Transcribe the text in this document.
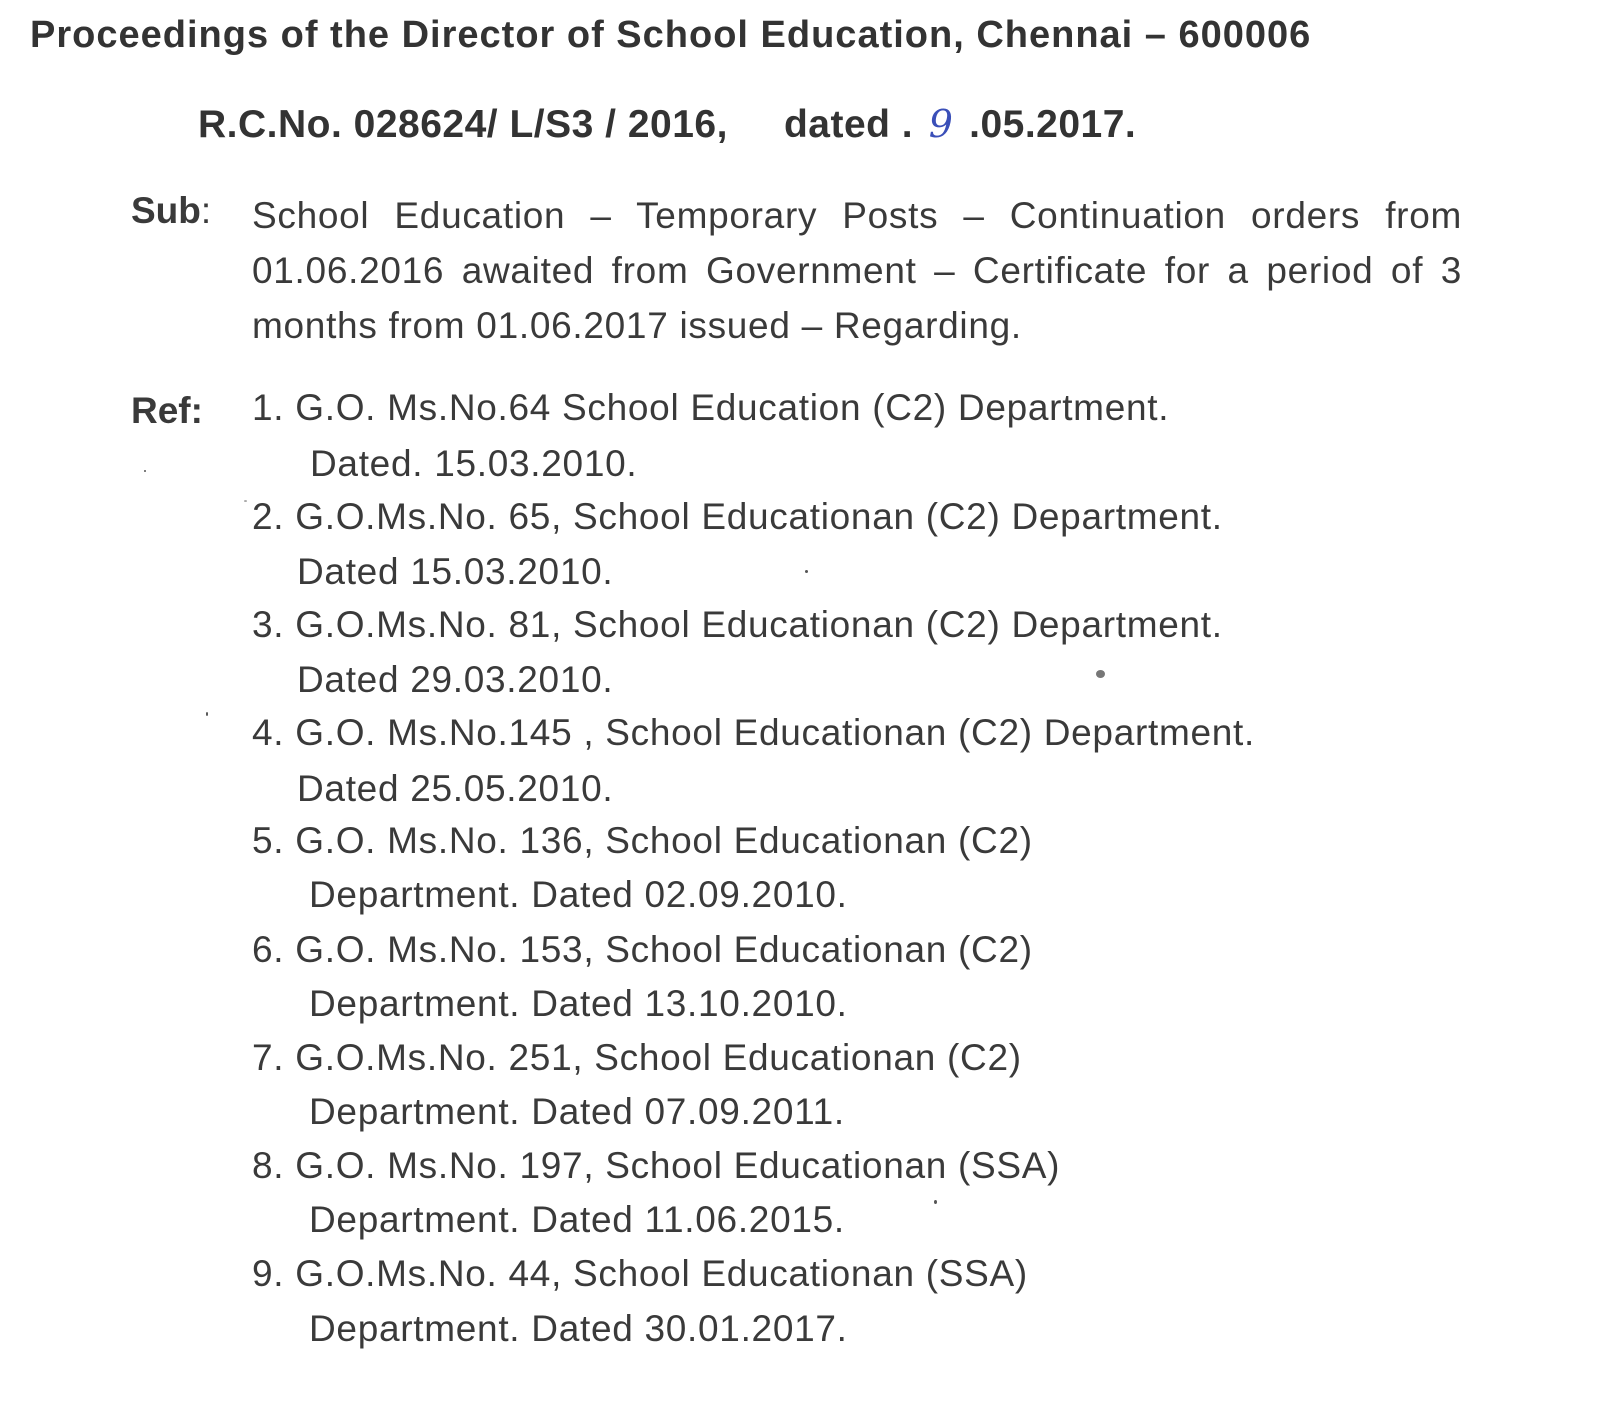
Proceedings of the Director of School Education, Chennai – 600006
R.C.No. 028624/ L/S3 / 2016, dated . 9 .05.2017.
Sub: School Education – Temporary Posts – Continuation orders from 01.06.2016 awaited from Government – Certificate for a period of 3 months from 01.06.2017 issued – Regarding.
Ref: 1. G.O. Ms.No.64 School Education (C2) Department.
Dated. 15.03.2010.
2. G.O.Ms.No. 65, School Educationan (C2) Department.
Dated 15.03.2010.
3. G.O.Ms.No. 81, School Educationan (C2) Department.
Dated 29.03.2010.
4. G.O. Ms.No.145 , School Educationan (C2) Department.
Dated 25.05.2010.
5. G.O. Ms.No. 136, School Educationan (C2)
Department. Dated 02.09.2010.
6. G.O. Ms.No. 153, School Educationan (C2)
Department. Dated 13.10.2010.
7. G.O.Ms.No. 251, School Educationan (C2)
Department. Dated 07.09.2011.
8. G.O. Ms.No. 197, School Educationan (SSA)
Department. Dated 11.06.2015.
9. G.O.Ms.No. 44, School Educationan (SSA)
Department. Dated 30.01.2017.
